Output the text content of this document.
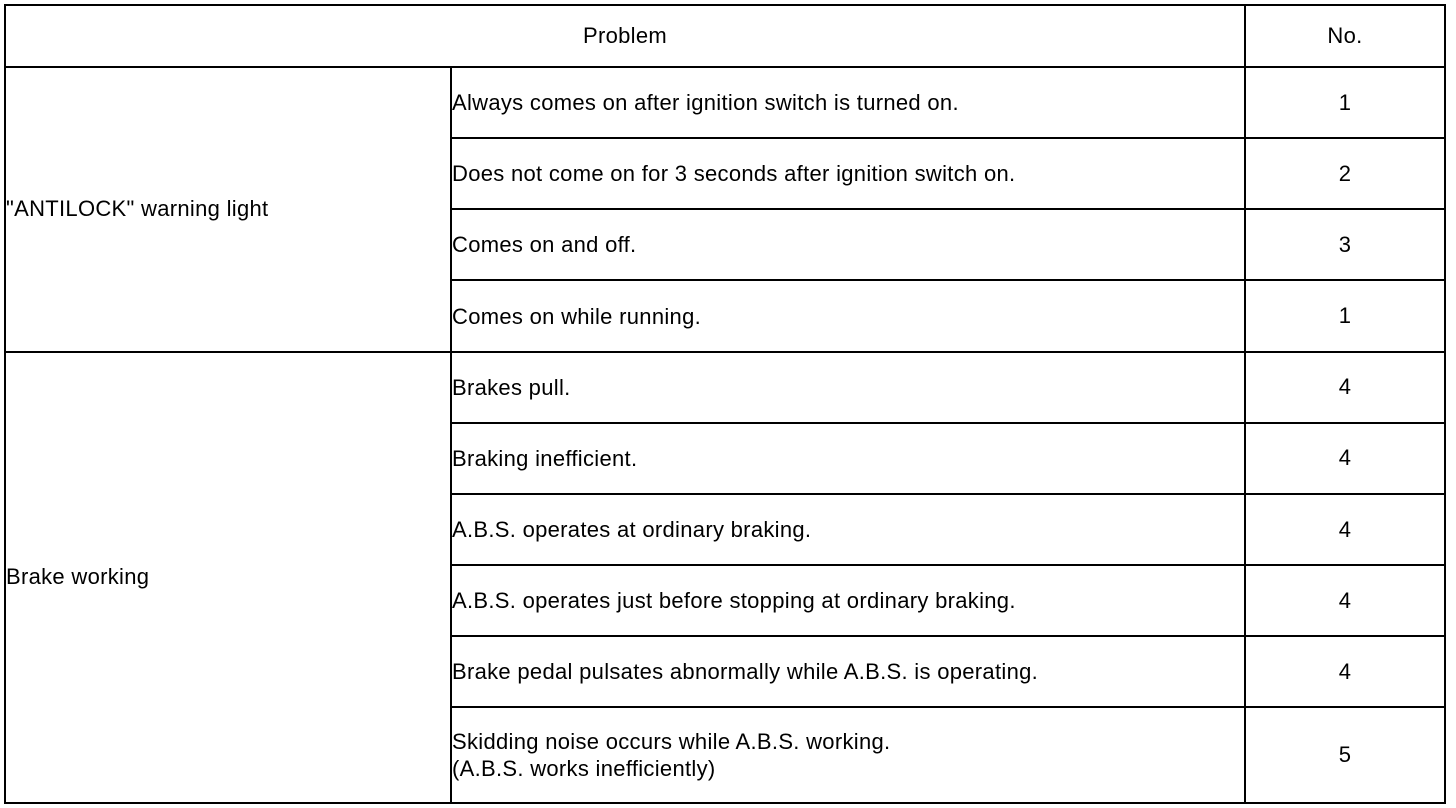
Problem		No.
"ANTILOCK" warning light	Always comes on after ignition switch is turned on.	1

	Does not come on for 3 seconds after ignition switch on.	2

	Comes on and off.	3

	Comes on while running.	1
Brake working	Brakes pull.	4

	Braking inefficient.	4

	A.B.S. operates at ordinary braking.	4

	A.B.S. operates just before stopping at ordinary braking.	4

	Brake pedal pulsates abnormally while A.B.S. is operating.	4

	Skidding noise occurs while A.B.S. working.
(A.B.S. works inefficiently)	5
